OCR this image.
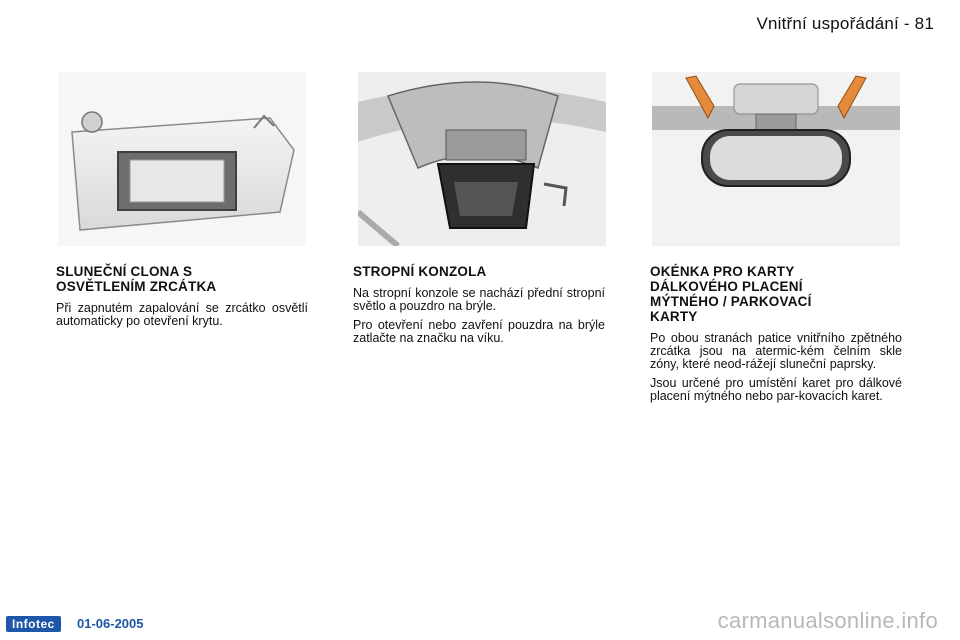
Vnitřní uspořádání - 81
SLUNEČNÍ CLONA S
OSVĚTLENÍM ZRCÁTKA

Při zapnutém zapalování se zrcátko osvětlí automaticky po otevření krytu.

STROPNÍ KONZOLA

Na stropní konzole se nachází přední stropní světlo a pouzdro na brýle.

Pro otevření nebo zavření pouzdra na brýle zatlačte na značku na víku.

OKÉNKA PRO KARTY
DÁLKOVÉHO PLACENÍ
MÝTNÉHO / PARKOVACÍ
KARTY

Po obou stranách patice vnitřního zpětného zrcátka jsou na atermic-kém čelním skle zóny, které neod-rážejí sluneční paprsky.

Jsou určené pro umístění karet pro dálkové placení mýtného nebo par-kovacích karet.

Infotec	01-06-2005	carmanualsonline.info
